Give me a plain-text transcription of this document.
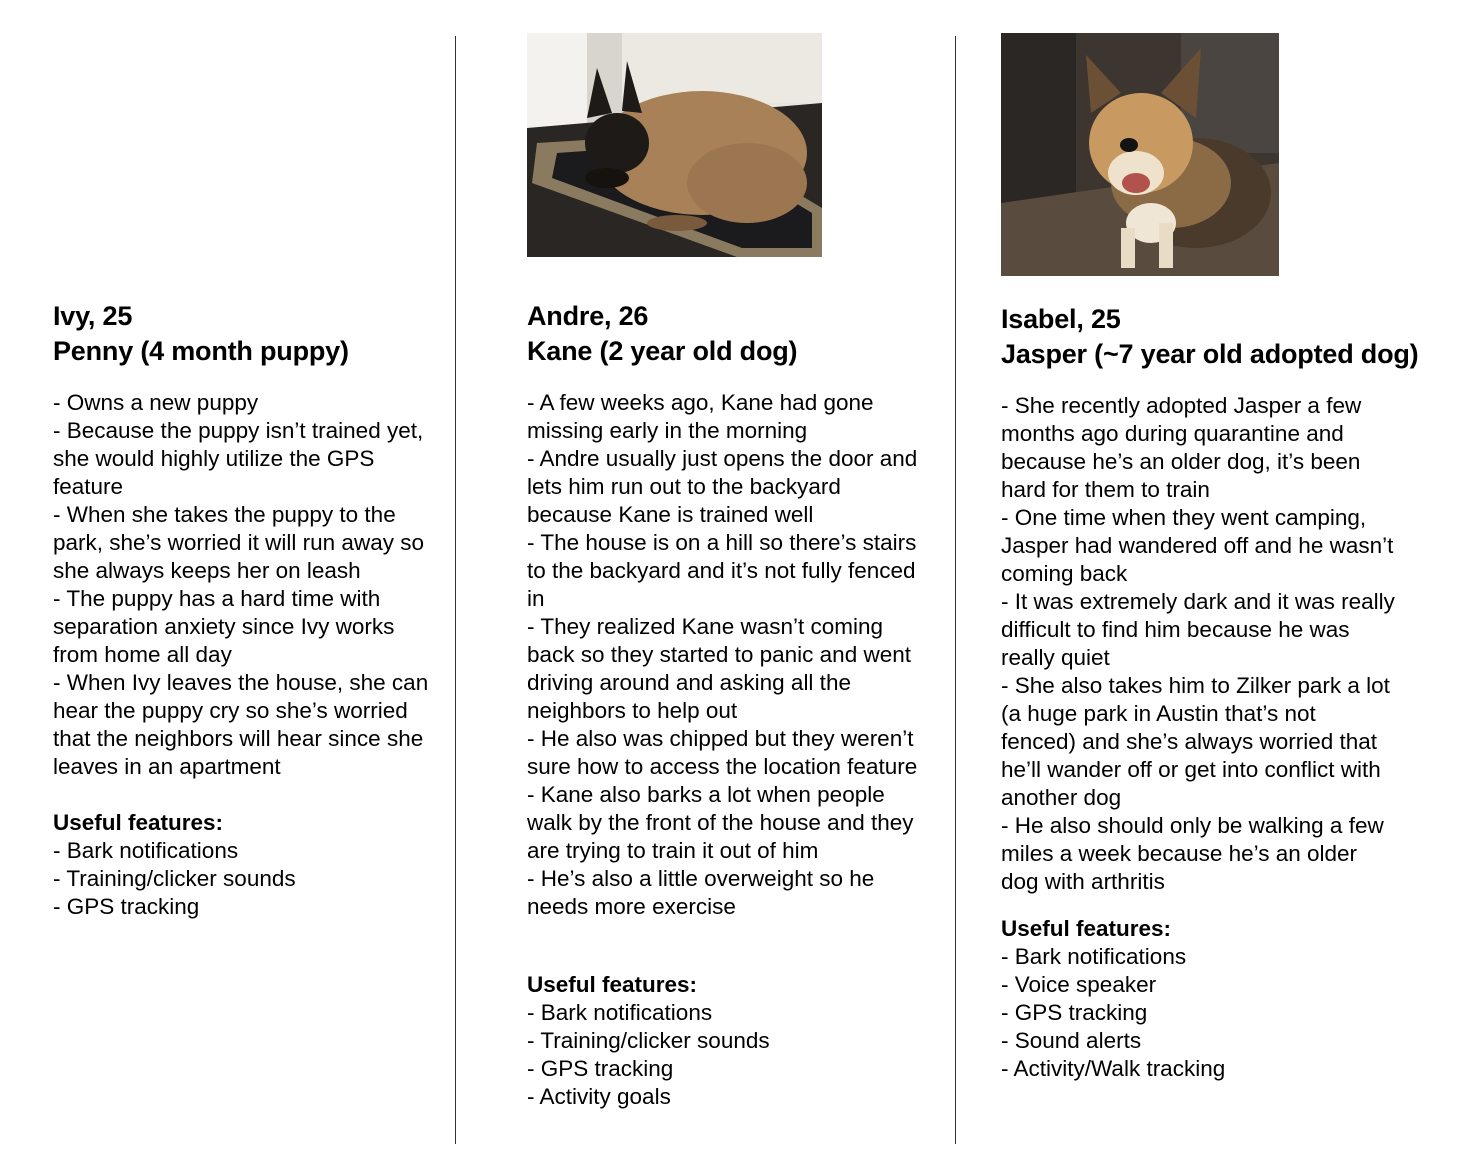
Ivy, 25
Penny (4 month puppy)
- Owns a new puppy
- Because the puppy isn’t trained yet, she would highly utilize the GPS feature
- When she takes the puppy to the park, she’s worried it will run away so she always keeps her on leash
- The puppy has a hard time with separation anxiety since Ivy works from home all day
- When Ivy leaves the house, she can hear the puppy cry so she’s worried that the neighbors will hear since she leaves in an apartment
Useful features:
- Bark notifications
- Training/clicker sounds
- GPS tracking
Andre, 26
Kane (2 year old dog)
- A few weeks ago, Kane had gone missing early in the morning
- Andre usually just opens the door and lets him run out to the backyard because Kane is trained well
- The house is on a hill so there’s stairs to the backyard and it’s not fully fenced in
- They realized Kane wasn’t coming back so they started to panic and went driving around and asking all the neighbors to help out
- He also was chipped but they weren’t sure how to access the location feature
- Kane also barks a lot when people walk by the front of the house and they are trying to train it out of him
- He’s also a little overweight so he needs more exercise
Useful features:
- Bark notifications
- Training/clicker sounds
- GPS tracking
- Activity goals
Isabel, 25
Jasper (~7 year old adopted dog)
- She recently adopted Jasper a few months ago during quarantine and because he’s an older dog, it’s been hard for them to train
- One time when they went camping, Jasper had wandered off and he wasn’t coming back
- It was extremely dark and it was really difficult to find him because he was really quiet
- She also takes him to Zilker park a lot (a huge park in Austin that’s not fenced) and she’s always worried that he’ll wander off or get into conflict with another dog
- He also should only be walking a few miles a week because he’s an older dog with arthritis
Useful features:
- Bark notifications
- Voice speaker
- GPS tracking
- Sound alerts
- Activity/Walk tracking
